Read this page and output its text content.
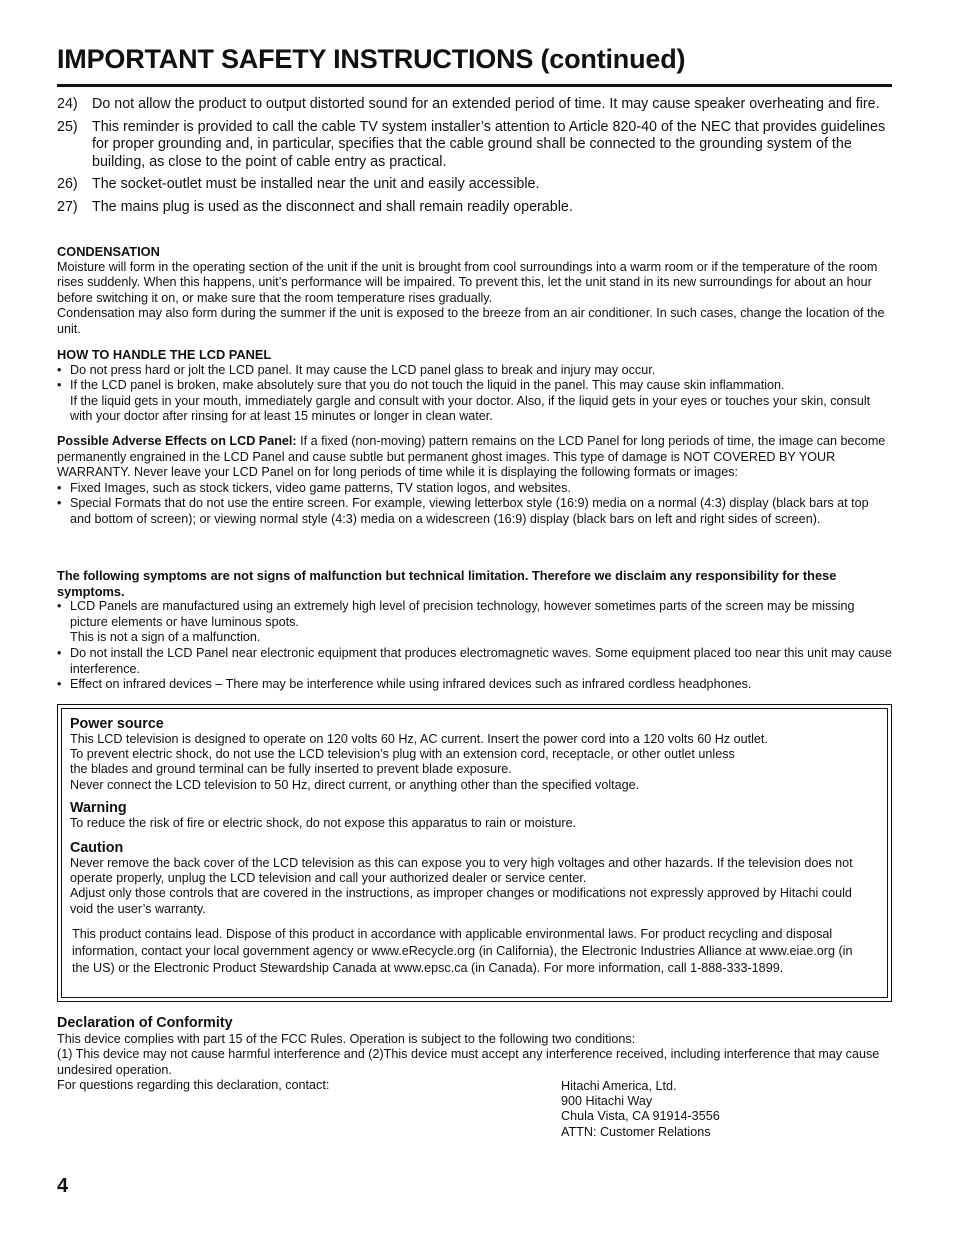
IMPORTANT SAFETY INSTRUCTIONS (continued)
24)	Do not allow the product to output distorted sound for an extended period of time. It may cause speaker overheating and fire.
25)	This reminder is provided to call the cable TV system installer’s attention to Article 820-40 of the NEC that provides guidelines for proper grounding and, in particular, specifies that the cable ground shall be connected to the grounding system of the building, as close to the point of cable entry as practical.
26)	The socket-outlet must be installed near the unit and easily accessible.
27)	The mains plug is used as the disconnect and shall remain readily operable.
CONDENSATION
Moisture will form in the operating section of the unit if the unit is brought from cool surroundings into a warm room or if the temperature of the room rises suddenly. When this happens, unit’s performance will be impaired. To prevent this, let the unit stand in its new surroundings for about an hour before switching it on, or make sure that the room temperature rises gradually.
Condensation may also form during the summer if the unit is exposed to the breeze from an air conditioner. In such cases, change the location of the unit.
HOW TO HANDLE THE LCD PANEL
• Do not press hard or jolt the LCD panel. It may cause the LCD panel glass to break and injury may occur.
• If the LCD panel is broken, make absolutely sure that you do not touch the liquid in the panel. This may cause skin inflammation.
If the liquid gets in your mouth, immediately gargle and consult with your doctor. Also, if the liquid gets in your eyes or touches your skin, consult with your doctor after rinsing for at least 15 minutes or longer in clean water.
Possible Adverse Effects on LCD Panel: If a fixed (non-moving) pattern remains on the LCD Panel for long periods of time, the image can become permanently engrained in the LCD Panel and cause subtle but permanent ghost images. This type of damage is NOT COVERED BY YOUR WARRANTY. Never leave your LCD Panel on for long periods of time while it is displaying the following formats or images:
• Fixed Images, such as stock tickers, video game patterns, TV station logos, and websites.
• Special Formats that do not use the entire screen. For example, viewing letterbox style (16:9) media on a normal (4:3) display (black bars at top and bottom of screen); or viewing normal style (4:3) media on a widescreen (16:9) display (black bars on left and right sides of screen).
The following symptoms are not signs of malfunction but technical limitation. Therefore we disclaim any responsibility for these symptoms.
• LCD Panels are manufactured using an extremely high level of precision technology, however sometimes parts of the screen may be missing picture elements or have luminous spots.
This is not a sign of a malfunction.
• Do not install the LCD Panel near electronic equipment that produces electromagnetic waves. Some equipment placed too near this unit may cause interference.
• Effect on infrared devices – There may be interference while using infrared devices such as infrared cordless headphones.
Power source
This LCD television is designed to operate on 120 volts 60 Hz, AC current. Insert the power cord into a 120 volts 60 Hz outlet.
To prevent electric shock, do not use the LCD television’s plug with an extension cord, receptacle, or other outlet unless
the blades and ground terminal can be fully inserted to prevent blade exposure.
Never connect the LCD television to 50 Hz, direct current, or anything other than the specified voltage.
Warning
To reduce the risk of fire or electric shock, do not expose this apparatus to rain or moisture.
Caution
Never remove the back cover of the LCD television as this can expose you to very high voltages and other hazards. If the television does not operate properly, unplug the LCD television and call your authorized dealer or service center.
Adjust only those controls that are covered in the instructions, as improper changes or modifications not expressly approved by Hitachi could void the user’s warranty.
This product contains lead. Dispose of this product in accordance with applicable environmental laws. For product recycling and disposal information, contact your local government agency or www.eRecycle.org (in California), the Electronic Industries Alliance at www.eiae.org (in the US) or the Electronic Product Stewardship Canada at www.epsc.ca (in Canada). For more information, call 1-888-333-1899.
Declaration of Conformity
This device complies with part 15 of the FCC Rules. Operation is subject to the following two conditions:
(1) This device may not cause harmful interference and (2)This device must accept any interference received, including interference that may cause undesired operation.
For questions regarding this declaration, contact:	Hitachi America, Ltd.
900 Hitachi Way
Chula Vista, CA 91914-3556
ATTN: Customer Relations
4
